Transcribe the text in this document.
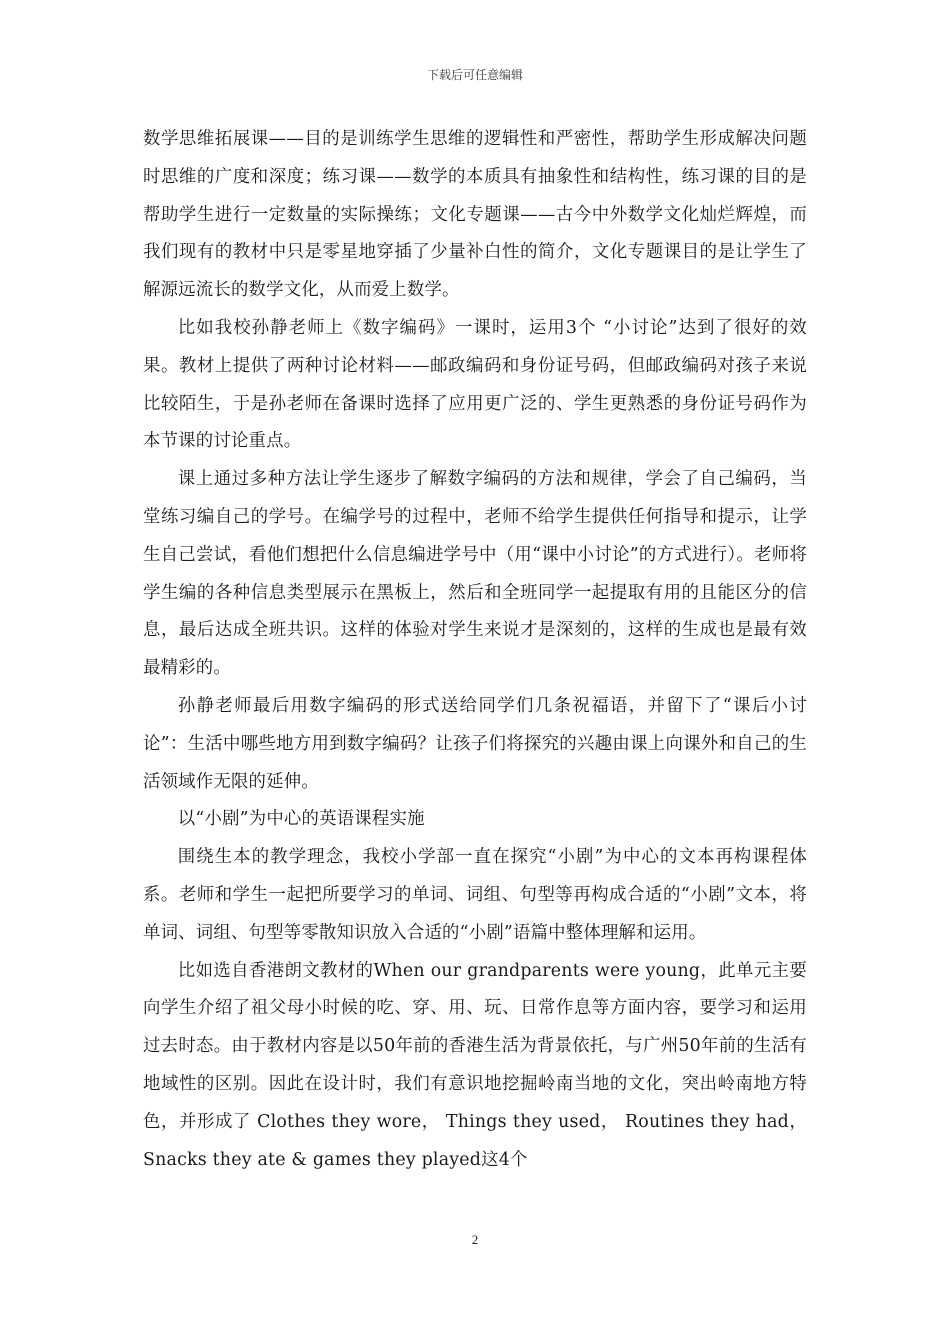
下载后可任意编辑

数学思维拓展课——目的是训练学生思维的逻辑性和严密性，帮助学生形成解决问题时思维的广度和深度；练习课——数学的本质具有抽象性和结构性，练习课的目的是帮助学生进行一定数量的实际操练；文化专题课——古今中外数学文化灿烂辉煌，而我们现有的教材中只是零星地穿插了少量补白性的简介，文化专题课目的是让学生了解源远流长的数学文化，从而爱上数学。

比如我校孙静老师上《数字编码》一课时，运用3个 “小讨论”达到了很好的效果。教材上提供了两种讨论材料——邮政编码和身份证号码，但邮政编码对孩子来说比较陌生，于是孙老师在备课时选择了应用更广泛的、学生更熟悉的身份证号码作为本节课的讨论重点。

课上通过多种方法让学生逐步了解数字编码的方法和规律，学会了自己编码，当堂练习编自己的学号。在编学号的过程中，老师不给学生提供任何指导和提示，让学生自己尝试，看他们想把什么信息编进学号中（用“课中小讨论”的方式进行）。老师将学生编的各种信息类型展示在黑板上，然后和全班同学一起提取有用的且能区分的信息，最后达成全班共识。这样的体验对学生来说才是深刻的，这样的生成也是最有效最精彩的。

孙静老师最后用数字编码的形式送给同学们几条祝福语，并留下了“课后小讨论”：生活中哪些地方用到数字编码？让孩子们将探究的兴趣由课上向课外和自己的生活领域作无限的延伸。

以“小剧”为中心的英语课程实施

围绕生本的教学理念，我校小学部一直在探究“小剧”为中心的文本再构课程体系。老师和学生一起把所要学习的单词、词组、句型等再构成合适的“小剧”文本，将单词、词组、句型等零散知识放入合适的“小剧”语篇中整体理解和运用。

比如选自香港朗文教材的When our grandparents were young，此单元主要向学生介绍了祖父母小时候的吃、穿、用、玩、日常作息等方面内容，要学习和运用过去时态。由于教材内容是以50年前的香港生活为背景依托，与广州50年前的生活有地域性的区别。因此在设计时，我们有意识地挖掘岭南当地的文化，突出岭南地方特色，并形成了 Clothes they wore， Things they used， Routines they had， Snacks they ate & games they played这4个

2
